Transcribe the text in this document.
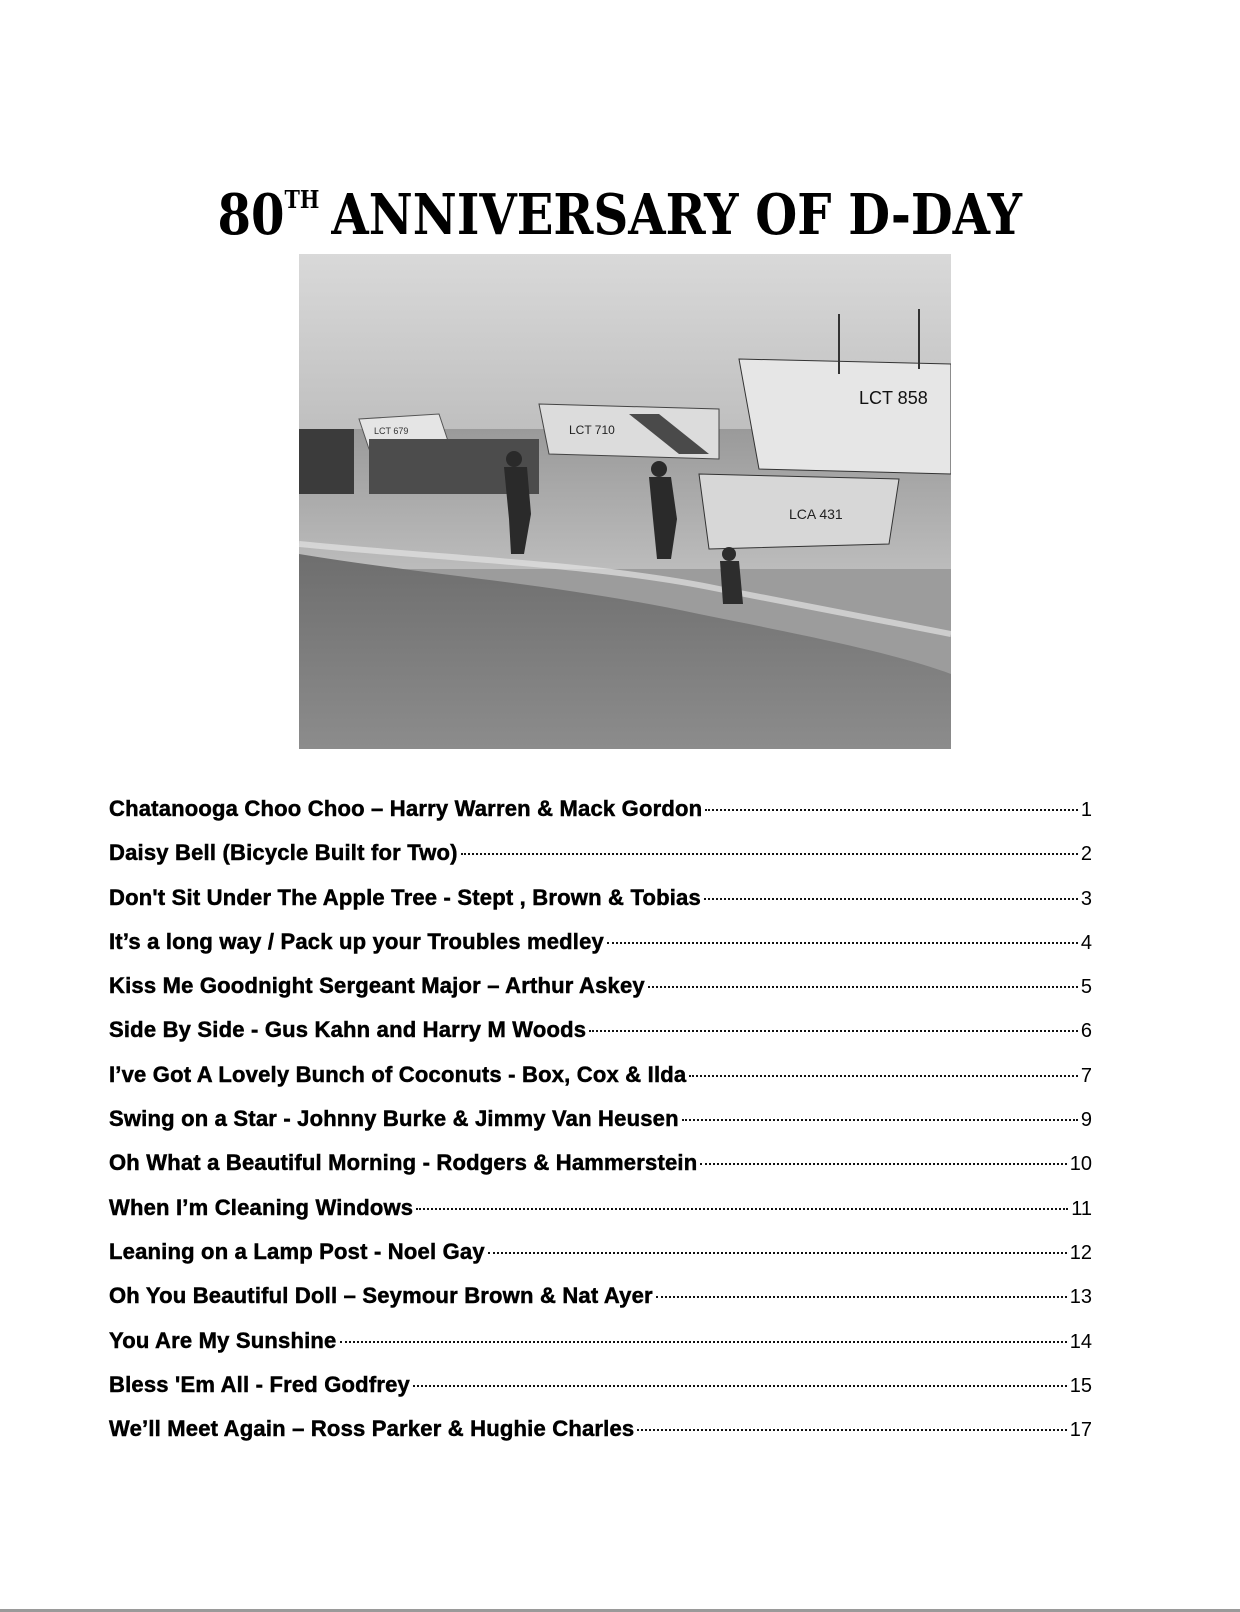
80TH ANNIVERSARY OF D-DAY
LCT 679	LCT 710
LCT 858
LCA 431
Chatanooga Choo Choo – Harry Warren & Mack Gordon	1
Daisy Bell (Bicycle Built for Two)	2
Don't Sit Under The Apple Tree - Stept , Brown & Tobias	3
It’s a long way / Pack up your Troubles medley	4
Kiss Me Goodnight Sergeant Major – Arthur Askey	5
Side By Side - Gus Kahn and Harry M Woods	6
I’ve Got A Lovely Bunch of Coconuts - Box, Cox & Ilda	7
Swing on a Star - Johnny Burke & Jimmy Van Heusen	9
Oh What a Beautiful Morning - Rodgers & Hammerstein	10
When I’m Cleaning Windows	11
Leaning on a Lamp Post - Noel Gay	12
Oh You Beautiful Doll – Seymour Brown & Nat Ayer	13
You Are My Sunshine	14
Bless 'Em All - Fred Godfrey	15
We’ll Meet Again – Ross Parker & Hughie Charles	17
